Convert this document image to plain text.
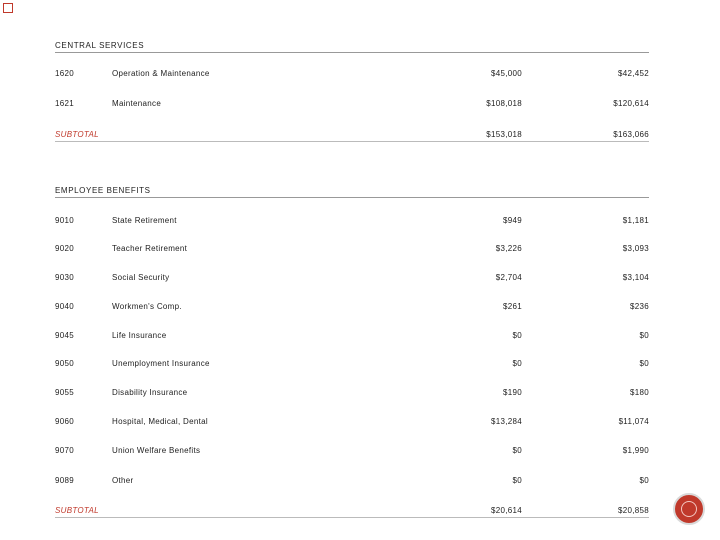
CENTRAL SERVICES
1620	Operation & Maintenance	$45,000	$42,452
1621	Maintenance	$108,018	$120,614
SUBTOTAL	$153,018	$163,066
EMPLOYEE BENEFITS
9010	State Retirement	$949	$1,181
9020	Teacher Retirement	$3,226	$3,093
9030	Social Security	$2,704	$3,104
9040	Workmen's Comp.	$261	$236
9045	Life Insurance	$0	$0
9050	Unemployment Insurance	$0	$0
9055	Disability Insurance	$190	$180
9060	Hospital, Medical, Dental	$13,284	$11,074
9070	Union Welfare Benefits	$0	$1,990
9089	Other	$0	$0
SUBTOTAL	$20,614	$20,858
